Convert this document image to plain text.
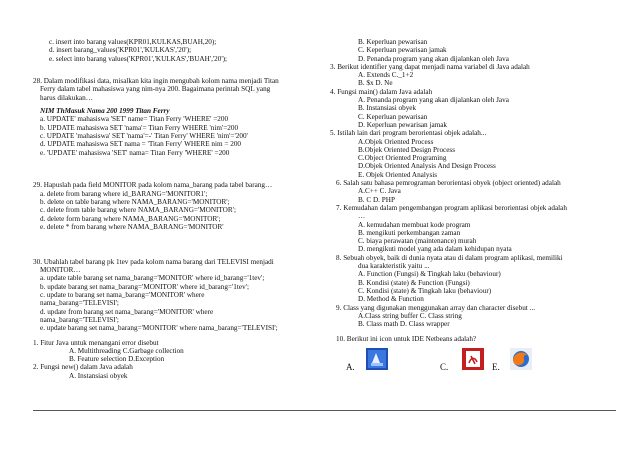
c. insert into barang values(KPR01,KULKAS,BUAH,20);
d. insert barang_values('KPR01','KULKAS','20');
e. select into barang values('KPR01','KULKAS','BUAH','20');
28. Dalam modifikasi data, misalkan kita ingin mengubah kolom nama menjadi Titan
Ferry dalam tabel mahasiswa yang nim-nya 200. Bagaimana perintah SQL yang
harus dilakukan…
NIM ThMasuk Nama 200 1999 Titan Ferry
a. UPDATE' mahasiswa 'SET' name= Titan Ferry 'WHERE' =200
b. UPDATE mahasiswa SET 'nama'= Titan Ferry WHERE 'nim'=200
c. UPDATE 'mahasiswa' SET 'nama'=-' Titan Ferry' WHERE 'nim'='200'
d. UPDATE mahasiswa SET nama = 'Titan Ferry' WHERE nim = 200
e. 'UPDATE' mahasiswa 'SET' nama= Titan Ferry 'WHERE' =200
29. Hapuslah pada field MONITOR pada kolom nama_barang pada tabel barang…
a. delete from barang where id_BARANG='MONITOR1';
b. delete on table barang where NAMA_BARANG='MONITOR';
c. delete from table barang where NAMA_BARANG='MONITOR';
d. delete form barang where NAMA_BARANG='MONITOR';
e. delete * from barang where NAMA_BARANG='MONITOR'
30. Ubahlah tabel barang pk 1tev pada kolom nama barang dari TELEVISI menjadi
MONITOR…
a. update table barang set nama_barang='MONITOR' where id_barang='1tev';
b. update barang set nama_barang='MONITOR' where id_barang='1tev';
c. update to barang set nama_barang='MONITOR' where
nama_barang='TELEVISI';
d. update from barang set nama_barang='MONITOR' where
nama_barang='TELEVISI';
e. update barang set nama_barang='MONITOR' where nama_barang='TELEVISI';
1. Fitur Java untuk menangani error disebut
A. Multithreading C.Garbage collection
B. Feature selection D.Exception
2. Fungsi new() dalam Java adalah
A. Instansiasi obyek
B. Keperluan pewarisan
C. Keperluan pewarisan jamak
D. Penanda program yang akan dijalankan oleh Java
3. Berikut identifier yang dapat menjadi nama variabel di Java adalah
A. Extends C._1+2
B. $x D. Ne
4. Fungsi main() dalam Java adalah
A. Penanda program yang akan dijalankan oleh Java
B. Instansiasi obyek
C. Keperluan pewarisan
D. Keperluan pewarisan jamak
5. Istilah lain dari program berorientasi objek adalah...
A.Objek Oriented Process
B.Objek Oriented Design Process
C.Object Oriented Programing
D.Objek Oriented Analysis And Design Process
E. Objek Oriented Analysis
6. Salah satu bahasa pemrograman berorientasi obyek (object oriented) adalah
A.C++ C. Java
B. C D. PHP
7. Kemudahan dalam pengembangan program aplikasi berorientasi objek adalah
…
A. kemudahan membuat kode program
B. mengikuti perkembangan zaman
C. biaya perawatan (maintenance) murah
D. mengikuti model yang ada dalam kehidupan nyata
8. Sebuah obyek, baik di dunia nyata atau di dalam program aplikasi, memiliki
dua karakteristik yaitu ...
A. Function (Fungsi) & Tingkah laku (behaviour)
B. Kondisi (state) & Function (Fungsi)
C. Kondisi (state) & Tingkah laku (behaviour)
D. Method & Function
9. Class yang digunakan menggunakan array dan character disebut ...
A.Class string buffer C. Class string
B. Class math D. Class wrapper
10. Berikut ini icon untuk IDE Netbeans adalah?
A.	C.	E.
